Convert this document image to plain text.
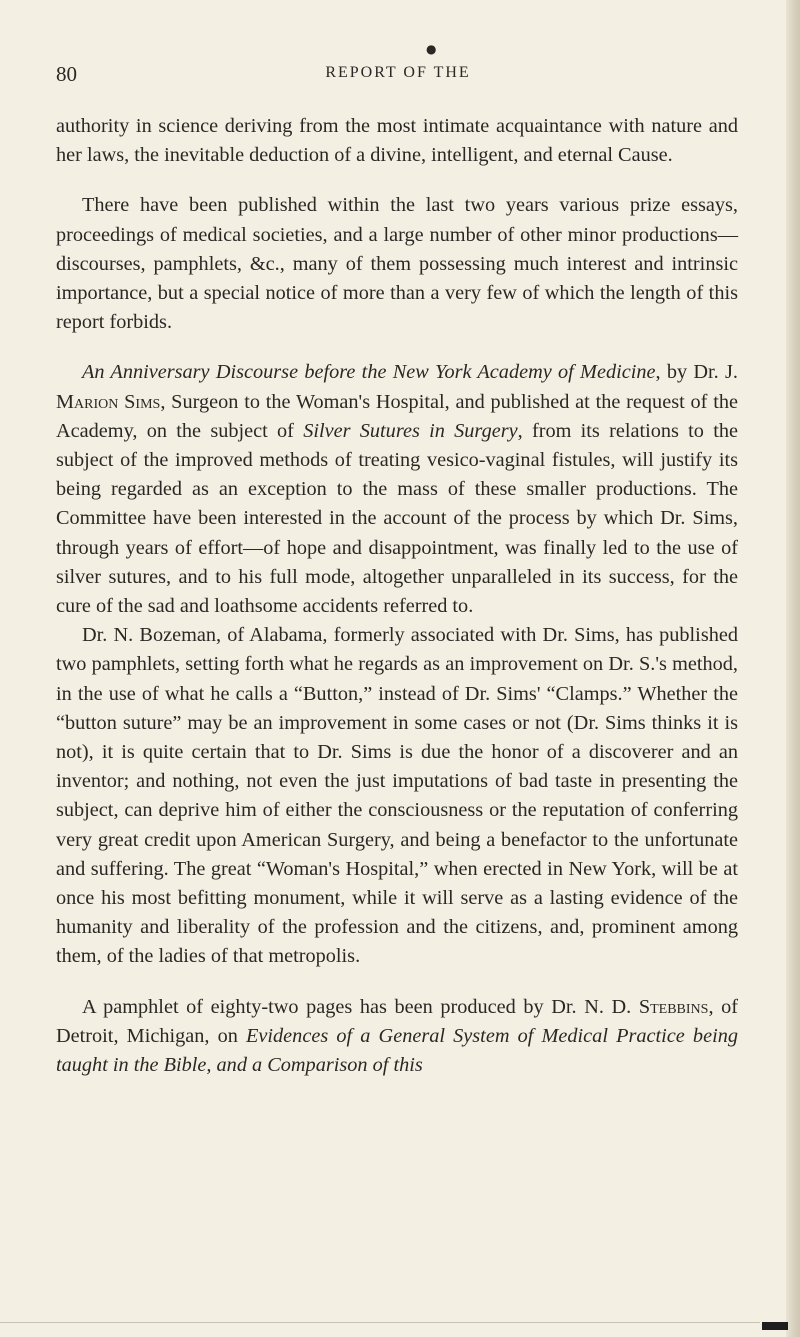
80
●
REPORT OF THE

authority in science deriving from the most intimate acquaintance with nature and her laws, the inevitable deduction of a divine, intelligent, and eternal Cause.

There have been published within the last two years various prize essays, proceedings of medical societies, and a large number of other minor productions—discourses, pamphlets, &c., many of them possessing much interest and intrinsic importance, but a special notice of more than a very few of which the length of this report forbids.

An Anniversary Discourse before the New York Academy of Medicine, by Dr. J. Marion Sims, Surgeon to the Woman's Hospital, and published at the request of the Academy, on the subject of Silver Sutures in Surgery, from its relations to the subject of the improved methods of treating vesico-vaginal fistules, will justify its being regarded as an exception to the mass of these smaller productions. The Committee have been interested in the account of the process by which Dr. Sims, through years of effort—of hope and disappointment, was finally led to the use of silver sutures, and to his full mode, altogether unparalleled in its success, for the cure of the sad and loathsome accidents referred to.

Dr. N. Bozeman, of Alabama, formerly associated with Dr. Sims, has published two pamphlets, setting forth what he regards as an improvement on Dr. S.'s method, in the use of what he calls a “Button,” instead of Dr. Sims' “Clamps.” Whether the “button suture” may be an improvement in some cases or not (Dr. Sims thinks it is not), it is quite certain that to Dr. Sims is due the honor of a discoverer and an inventor; and nothing, not even the just imputations of bad taste in presenting the subject, can deprive him of either the consciousness or the reputation of conferring very great credit upon American Surgery, and being a benefactor to the unfortunate and suffering. The great “Woman's Hospital,” when erected in New York, will be at once his most befitting monument, while it will serve as a lasting evidence of the humanity and liberality of the profession and the citizens, and, prominent among them, of the ladies of that metropolis.

A pamphlet of eighty-two pages has been produced by Dr. N. D. Stebbins, of Detroit, Michigan, on Evidences of a General System of Medical Practice being taught in the Bible, and a Comparison of this
